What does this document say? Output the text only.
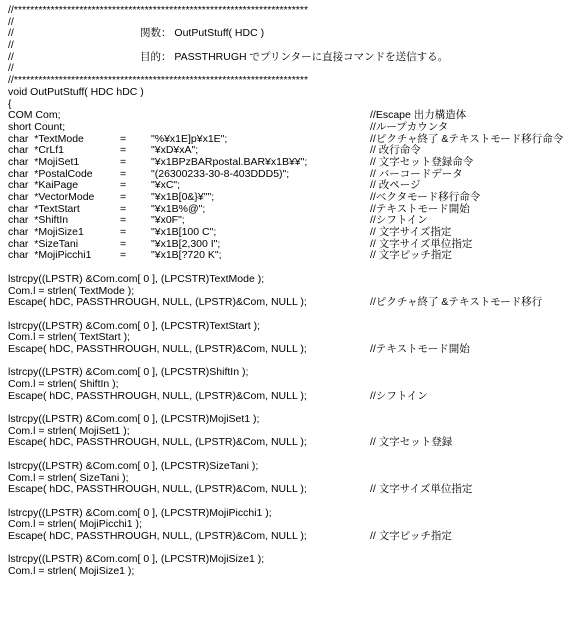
//************************************************************************
//
//	関数： OutPutStuff( HDC )
//
//	目的： PASSTHRUGH でプリンターに直接コマンドを送信する。
//
//************************************************************************
void OutPutStuff( HDC hDC )
{
COM Com;	//Escape 出力構造体
short Count;	//ループカウンタ
char  *TextMode	= "%¥x1E]p¥x1E";	//ピクチャ終了 &テキストモード移行命令
char  *CrLf1	= "¥xD¥xA";	// 改行命令
char  *MojiSet1	= "¥x1BPzBARpostal.BAR¥x1B¥¥";	// 文字セット登録命令
char  *PostalCode	= "(26300233-30-8-403DDD5)";	// バーコードデータ
char  *KaiPage	= "¥xC";	// 改ページ
char  *VectorMode = "¥x1B[0&}¥"";	//ベクタモード移行命令
char  *TextStart	= "¥x1B%@";	//テキストモード開始
char  *ShiftIn	= "¥x0F";	//シフトイン
char  *MojiSize1	= "¥x1B[100 C";	// 文字サイズ指定
char  *SizeTani	= "¥x1B[2,300 I";	// 文字サイズ単位指定
char  *MojiPicchi1	= "¥x1B[?720 K";	// 文字ピッチ指定
lstrcpy((LPSTR) &Com.com[ 0 ], (LPCSTR)TextMode );
Com.l = strlen( TextMode );
Escape( hDC, PASSTHROUGH, NULL, (LPSTR)&Com, NULL );	//ピクチャ終了 &テキストモード移行
lstrcpy((LPSTR) &Com.com[ 0 ], (LPCSTR)TextStart );
Com.l = strlen( TextStart );
Escape( hDC, PASSTHROUGH, NULL, (LPSTR)&Com, NULL );	//テキストモード開始
lstrcpy((LPSTR) &Com.com[ 0 ], (LPCSTR)ShiftIn );
Com.l = strlen( ShiftIn );
Escape( hDC, PASSTHROUGH, NULL, (LPSTR)&Com, NULL );	//シフトイン
lstrcpy((LPSTR) &Com.com[ 0 ], (LPCSTR)MojiSet1 );
Com.l = strlen( MojiSet1 );
Escape( hDC, PASSTHROUGH, NULL, (LPSTR)&Com, NULL );	// 文字セット登録
lstrcpy((LPSTR) &Com.com[ 0 ], (LPCSTR)SizeTani );
Com.l = strlen( SizeTani );
Escape( hDC, PASSTHROUGH, NULL, (LPSTR)&Com, NULL );	// 文字サイズ単位指定
lstrcpy((LPSTR) &Com.com[ 0 ], (LPCSTR)MojiPicchi1 );
Com.l = strlen( MojiPicchi1 );
Escape( hDC, PASSTHROUGH, NULL, (LPSTR)&Com, NULL );	// 文字ピッチ指定
lstrcpy((LPSTR) &Com.com[ 0 ], (LPCSTR)MojiSize1 );
Com.l = strlen( MojiSize1 );
